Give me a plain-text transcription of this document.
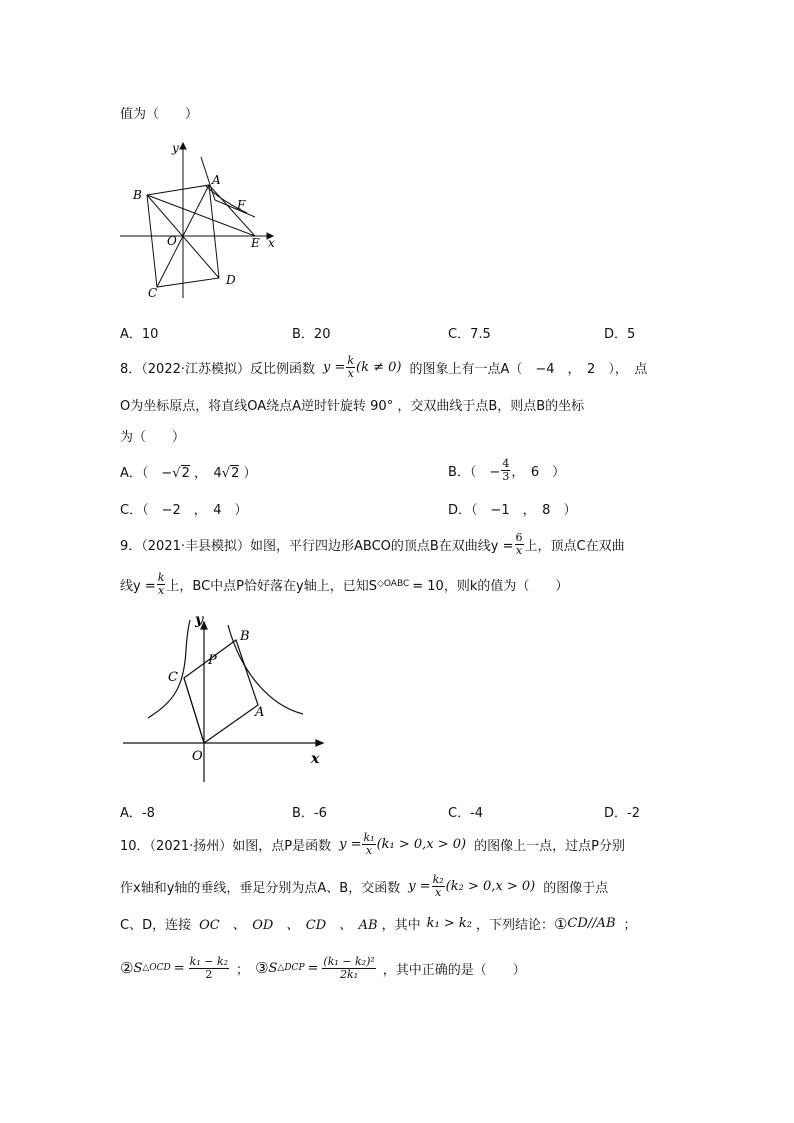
值为（　　）
B
A
F
O	E x
y
C
D
A．10	B．20	C．7.5	D．5
8．（2022·江苏模拟）反比例函数 $y = \frac{k}{x} (k \ne 0)$ 的图象上有一点A（　−4　，　2　），　点
O为坐标原点，将直线OA绕点A逆时针旋转 90° ，交双曲线于点B，则点B的坐标
为（　　）
A．（　−√2 ，　4√2 ）	B．（　− $\frac{4}{3}$ ，　6　）
C．（　−2　，　4　）	D．（　−1　，　8　）
9．（2021·丰县模拟）如图，平行四边形ABCO的顶点B在双曲线$y = \frac{6}{x}$ 上，顶点C在双曲
线$y = \frac{k}{x}$ 上，BC中点P恰好落在y轴上，已知S ◇OABC = 10，则k的值为（　　）
B
C
P
A
O	x
y
A．-8	B．-6	C．-4	D．-2
10．（2021·扬州）如图，点P是函数 $y = \frac{\text{k₁}}{x} (k_1 > 0,x > 0)$ 的图像上一点，过点P分别
作x轴和y轴的垂线，垂足分别为点A、B，交函数 $y = \frac{\text{k₂}}{x} (k_2 > 0,x > 0)$ 的图像于点
C、D，连接 OC　、　OD　、　CD　、　AB ，其中 k₁ > k₂ ，下列结论： ① CD//AB ；
② S △OCD = $\frac{\text{k₁ − k₂}}{2}$ ； ③ S △DCP = $\frac{\text{(k₁ − k₂)²}}{\text{2k₁}}$ ，其中正确的是（　　）
